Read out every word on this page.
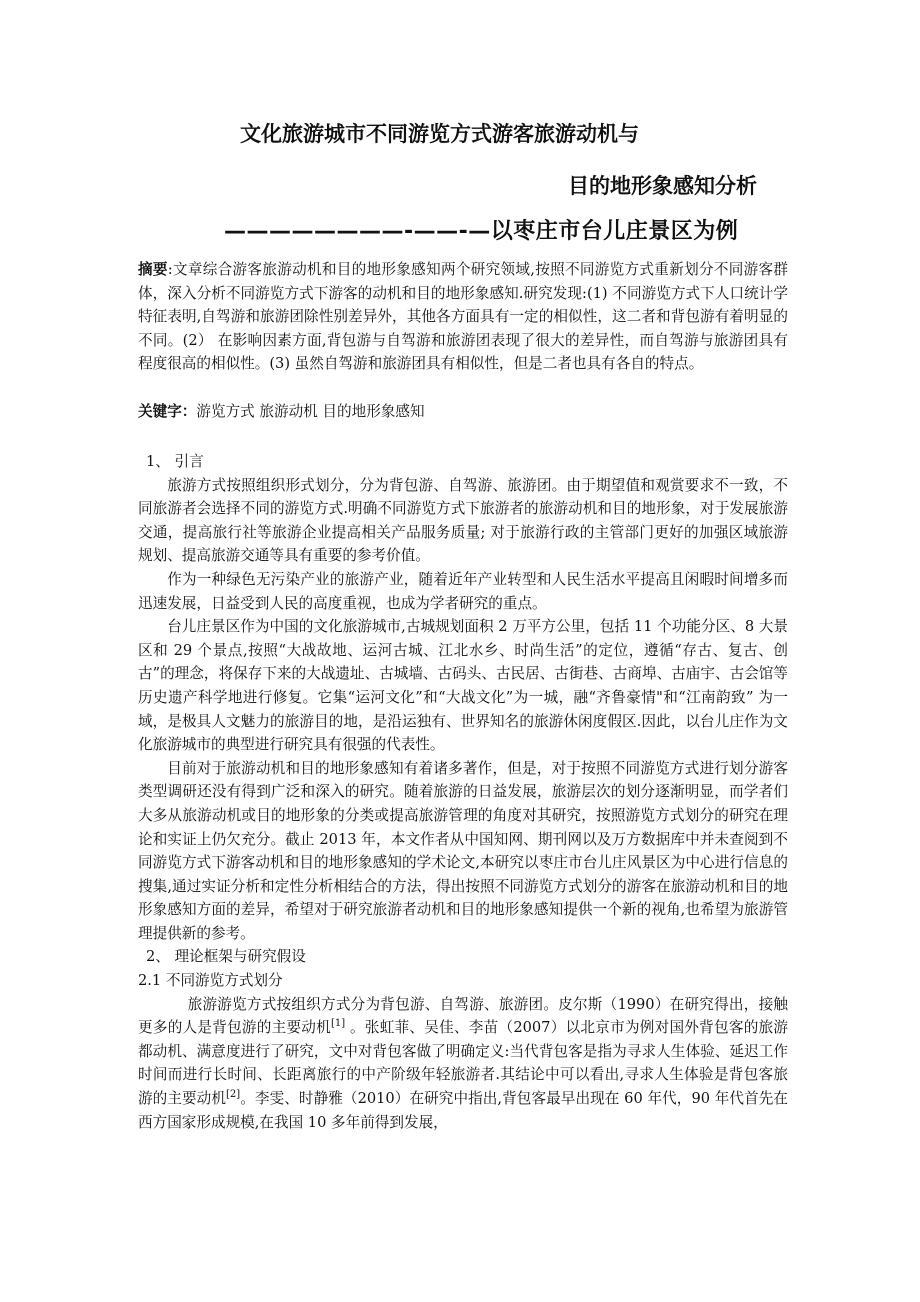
文化旅游城市不同游览方式游客旅游动机与
目的地形象感知分析
————————-——-—以枣庄市台儿庄景区为例
摘要:文章综合游客旅游动机和目的地形象感知两个研究领域,按照不同游览方式重新划分不同游客群体，深入分析不同游览方式下游客的动机和目的地形象感知.研究发现:(1) 不同游览方式下人口统计学特征表明,自驾游和旅游团除性别差异外，其他各方面具有一定的相似性，这二者和背包游有着明显的不同。(2） 在影响因素方面,背包游与自驾游和旅游团表现了很大的差异性，而自驾游与旅游团具有程度很高的相似性。(3) 虽然自驾游和旅游团具有相似性，但是二者也具有各自的特点。
关键字：游览方式 旅游动机 目的地形象感知

1、 引言

旅游方式按照组织形式划分，分为背包游、自驾游、旅游团。由于期望值和观赏要求不一致，不同旅游者会选择不同的游览方式.明确不同游览方式下旅游者的旅游动机和目的地形象，对于发展旅游交通，提高旅行社等旅游企业提高相关产品服务质量; 对于旅游行政的主管部门更好的加强区域旅游规划、提高旅游交通等具有重要的参考价值。

作为一种绿色无污染产业的旅游产业，随着近年产业转型和人民生活水平提高且闲暇时间增多而迅速发展，日益受到人民的高度重视，也成为学者研究的重点。

台儿庄景区作为中国的文化旅游城市,古城规划面积 2 万平方公里，包括 11 个功能分区、8 大景区和 29 个景点,按照“大战故地、运河古城、江北水乡、时尚生活”的定位，遵循“存古、复古、创古”的理念，将保存下来的大战遗址、古城墙、古码头、古民居、古街巷、古商埠、古庙宇、古会馆等历史遗产科学地进行修复。它集“运河文化”和“大战文化”为一城，融“齐鲁豪情"和“江南韵致” 为一域，是极具人文魅力的旅游目的地，是沿运独有、世界知名的旅游休闲度假区.因此，以台儿庄作为文化旅游城市的典型进行研究具有很强的代表性。

目前对于旅游动机和目的地形象感知有着诸多著作，但是，对于按照不同游览方式进行划分游客类型调研还没有得到广泛和深入的研究。随着旅游的日益发展，旅游层次的划分逐渐明显，而学者们大多从旅游动机或目的地形象的分类或提高旅游管理的角度对其研究，按照游览方式划分的研究在理论和实证上仍欠充分。截止 2013 年，本文作者从中国知网、期刊网以及万方数据库中并未查阅到不同游览方式下游客动机和目的地形象感知的学术论文,本研究以枣庄市台儿庄风景区为中心进行信息的搜集,通过实证分析和定性分析相结合的方法，得出按照不同游览方式划分的游客在旅游动机和目的地形象感知方面的差异，希望对于研究旅游者动机和目的地形象感知提供一个新的视角,也希望为旅游管理提供新的参考。

2、 理论框架与研究假设

2.1 不同游览方式划分

旅游游览方式按组织方式分为背包游、自驾游、旅游团。皮尔斯（1990）在研究得出，接触更多的人是背包游的主要动机[1] 。张虹菲、吴佳、李苗（2007）以北京市为例对国外背包客的旅游都动机、满意度进行了研究，文中对背包客做了明确定义:当代背包客是指为寻求人生体验、延迟工作时间而进行长时间、长距离旅行的中产阶级年轻旅游者.其结论中可以看出,寻求人生体验是背包客旅游的主要动机[2]。李雯、时静雅（2010）在研究中指出,背包客最早出现在 60 年代，90 年代首先在西方国家形成规模,在我国 10 多年前得到发展，
